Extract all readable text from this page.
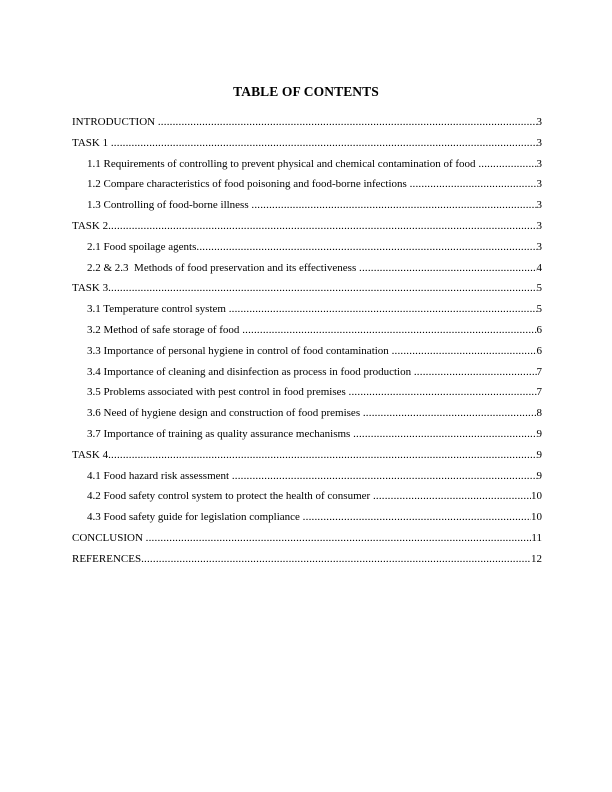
TABLE OF CONTENTS
INTRODUCTION .....	3
TASK 1 .....	3
1.1 Requirements of controlling to prevent physical and chemical contamination of food .....	3
1.2 Compare characteristics of food poisoning and food-borne infections .....	3
1.3 Controlling of food-borne illness .....	3
TASK 2 .....	3
2.1 Food spoilage agents .....	3
2.2 & 2.3  Methods of food preservation and its effectiveness .....	4
TASK 3 .....	5
3.1 Temperature control system .....	5
3.2 Method of safe storage of food .....	6
3.3 Importance of personal hygiene in control of food contamination .....	6
3.4 Importance of cleaning and disinfection as process in food production .....	7
3.5 Problems associated with pest control in food premises .....	7
3.6 Need of hygiene design and construction of food premises .....	8
3.7 Importance of training as quality assurance mechanisms .....	9
TASK 4 .....	9
4.1 Food hazard risk assessment .....	9
4.2 Food safety control system to protect the health of consumer .....	10
4.3 Food safety guide for legislation compliance .....	10
CONCLUSION .....	11
REFERENCES .....	12
